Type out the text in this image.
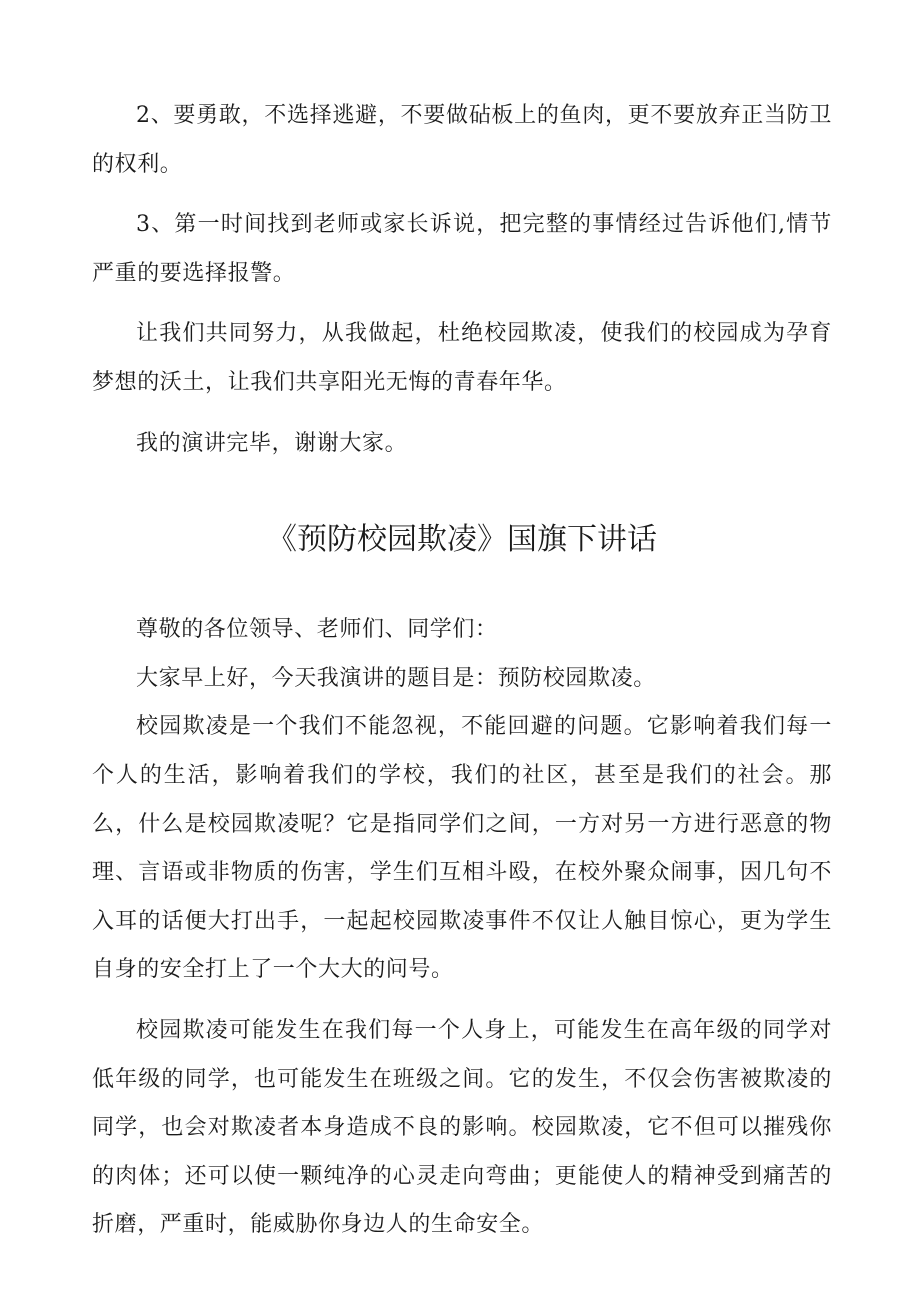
2、要勇敢，不选择逃避，不要做砧板上的鱼肉，更不要放弃正当防卫的权利。

3、第一时间找到老师或家长诉说，把完整的事情经过告诉他们,情节严重的要选择报警。

让我们共同努力，从我做起，杜绝校园欺凌，使我们的校园成为孕育梦想的沃土，让我们共享阳光无悔的青春年华。

我的演讲完毕，谢谢大家。

《预防校园欺凌》国旗下讲话

尊敬的各位领导、老师们、同学们：

大家早上好，今天我演讲的题目是：预防校园欺凌。

校园欺凌是一个我们不能忽视，不能回避的问题。它影响着我们每一个人的生活，影响着我们的学校，我们的社区，甚至是我们的社会。那么，什么是校园欺凌呢？它是指同学们之间，一方对另一方进行恶意的物理、言语或非物质的伤害，学生们互相斗殴，在校外聚众闹事，因几句不入耳的话便大打出手，一起起校园欺凌事件不仅让人触目惊心，更为学生自身的安全打上了一个大大的问号。

校园欺凌可能发生在我们每一个人身上，可能发生在高年级的同学对低年级的同学，也可能发生在班级之间。它的发生，不仅会伤害被欺凌的同学，也会对欺凌者本身造成不良的影响。校园欺凌，它不但可以摧残你的肉体；还可以使一颗纯净的心灵走向弯曲；更能使人的精神受到痛苦的折磨，严重时，能威胁你身边人的生命安全。
